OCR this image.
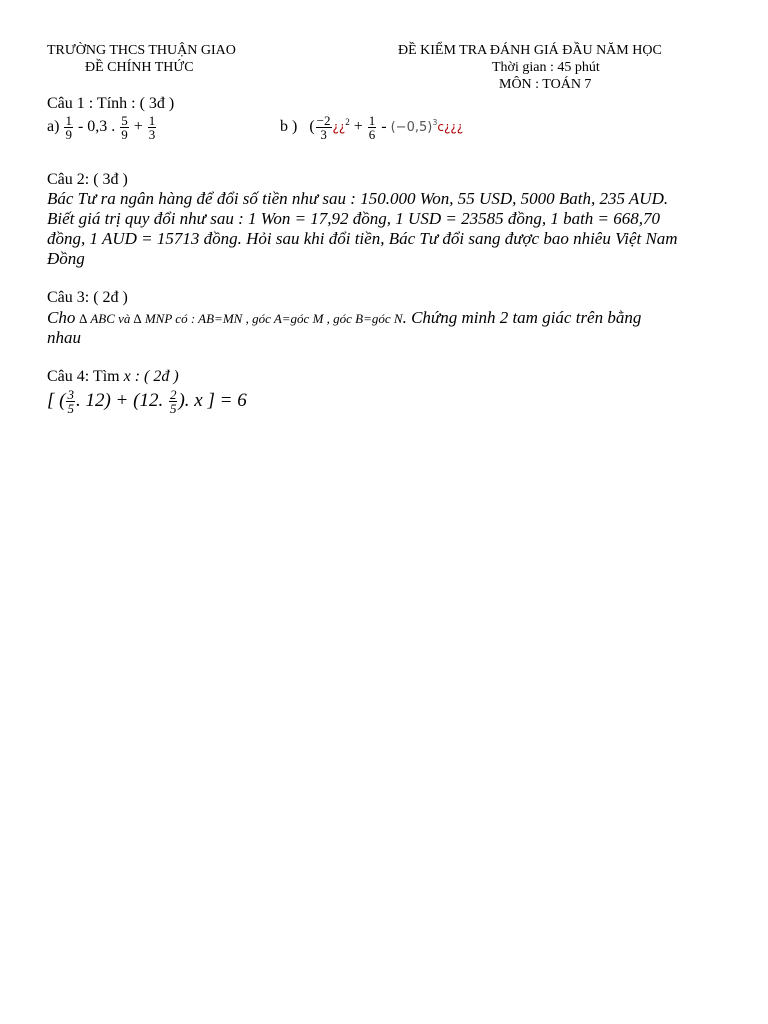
TRƯỜNG THCS THUẬN GIAO
ĐỀ CHÍNH THỨC
ĐỀ KIỂM TRA ĐÁNH GIÁ ĐẦU NĂM HỌC
Thời gian : 45 phút
MÔN : TOÁN 7
Câu 1 : Tính : ( 3đ )
$a) \frac{1}{9} - 0,3$ . $\frac{5}{9} + \frac{1}{3}$	b ) ( $\frac{-2}{3}$ ¿¿$^2 + \frac{1}{6}$ - $(-0,5)^3c¿¿¿$
Câu 2: ( 3đ )
Bác Tư ra ngân hàng để đổi số tiền như sau : 150.000 Won, 55 USD, 5000 Bath, 235 AUD.
Biết giá trị quy đổi như sau : 1 Won = 17,92 đồng, 1 USD = 23585 đồng, 1 bath = 668,70
đồng, 1 AUD = 15713 đồng. Hỏi sau khi đổi tiền, Bác Tư đổi sang được bao nhiêu Việt Nam
Đồng
Câu 3: ( 2đ )
Cho ∆ ABC và ∆ MNP có : AB=MN , góc A=góc M , góc B=góc N. Chứng minh 2 tam giác trên bằng
nhau
Câu 4: Tìm x : ( 2đ )
[ ( $\frac{3}{5}$ . 12) + (12. $\frac{2}{5}$ ). x ] = 6
